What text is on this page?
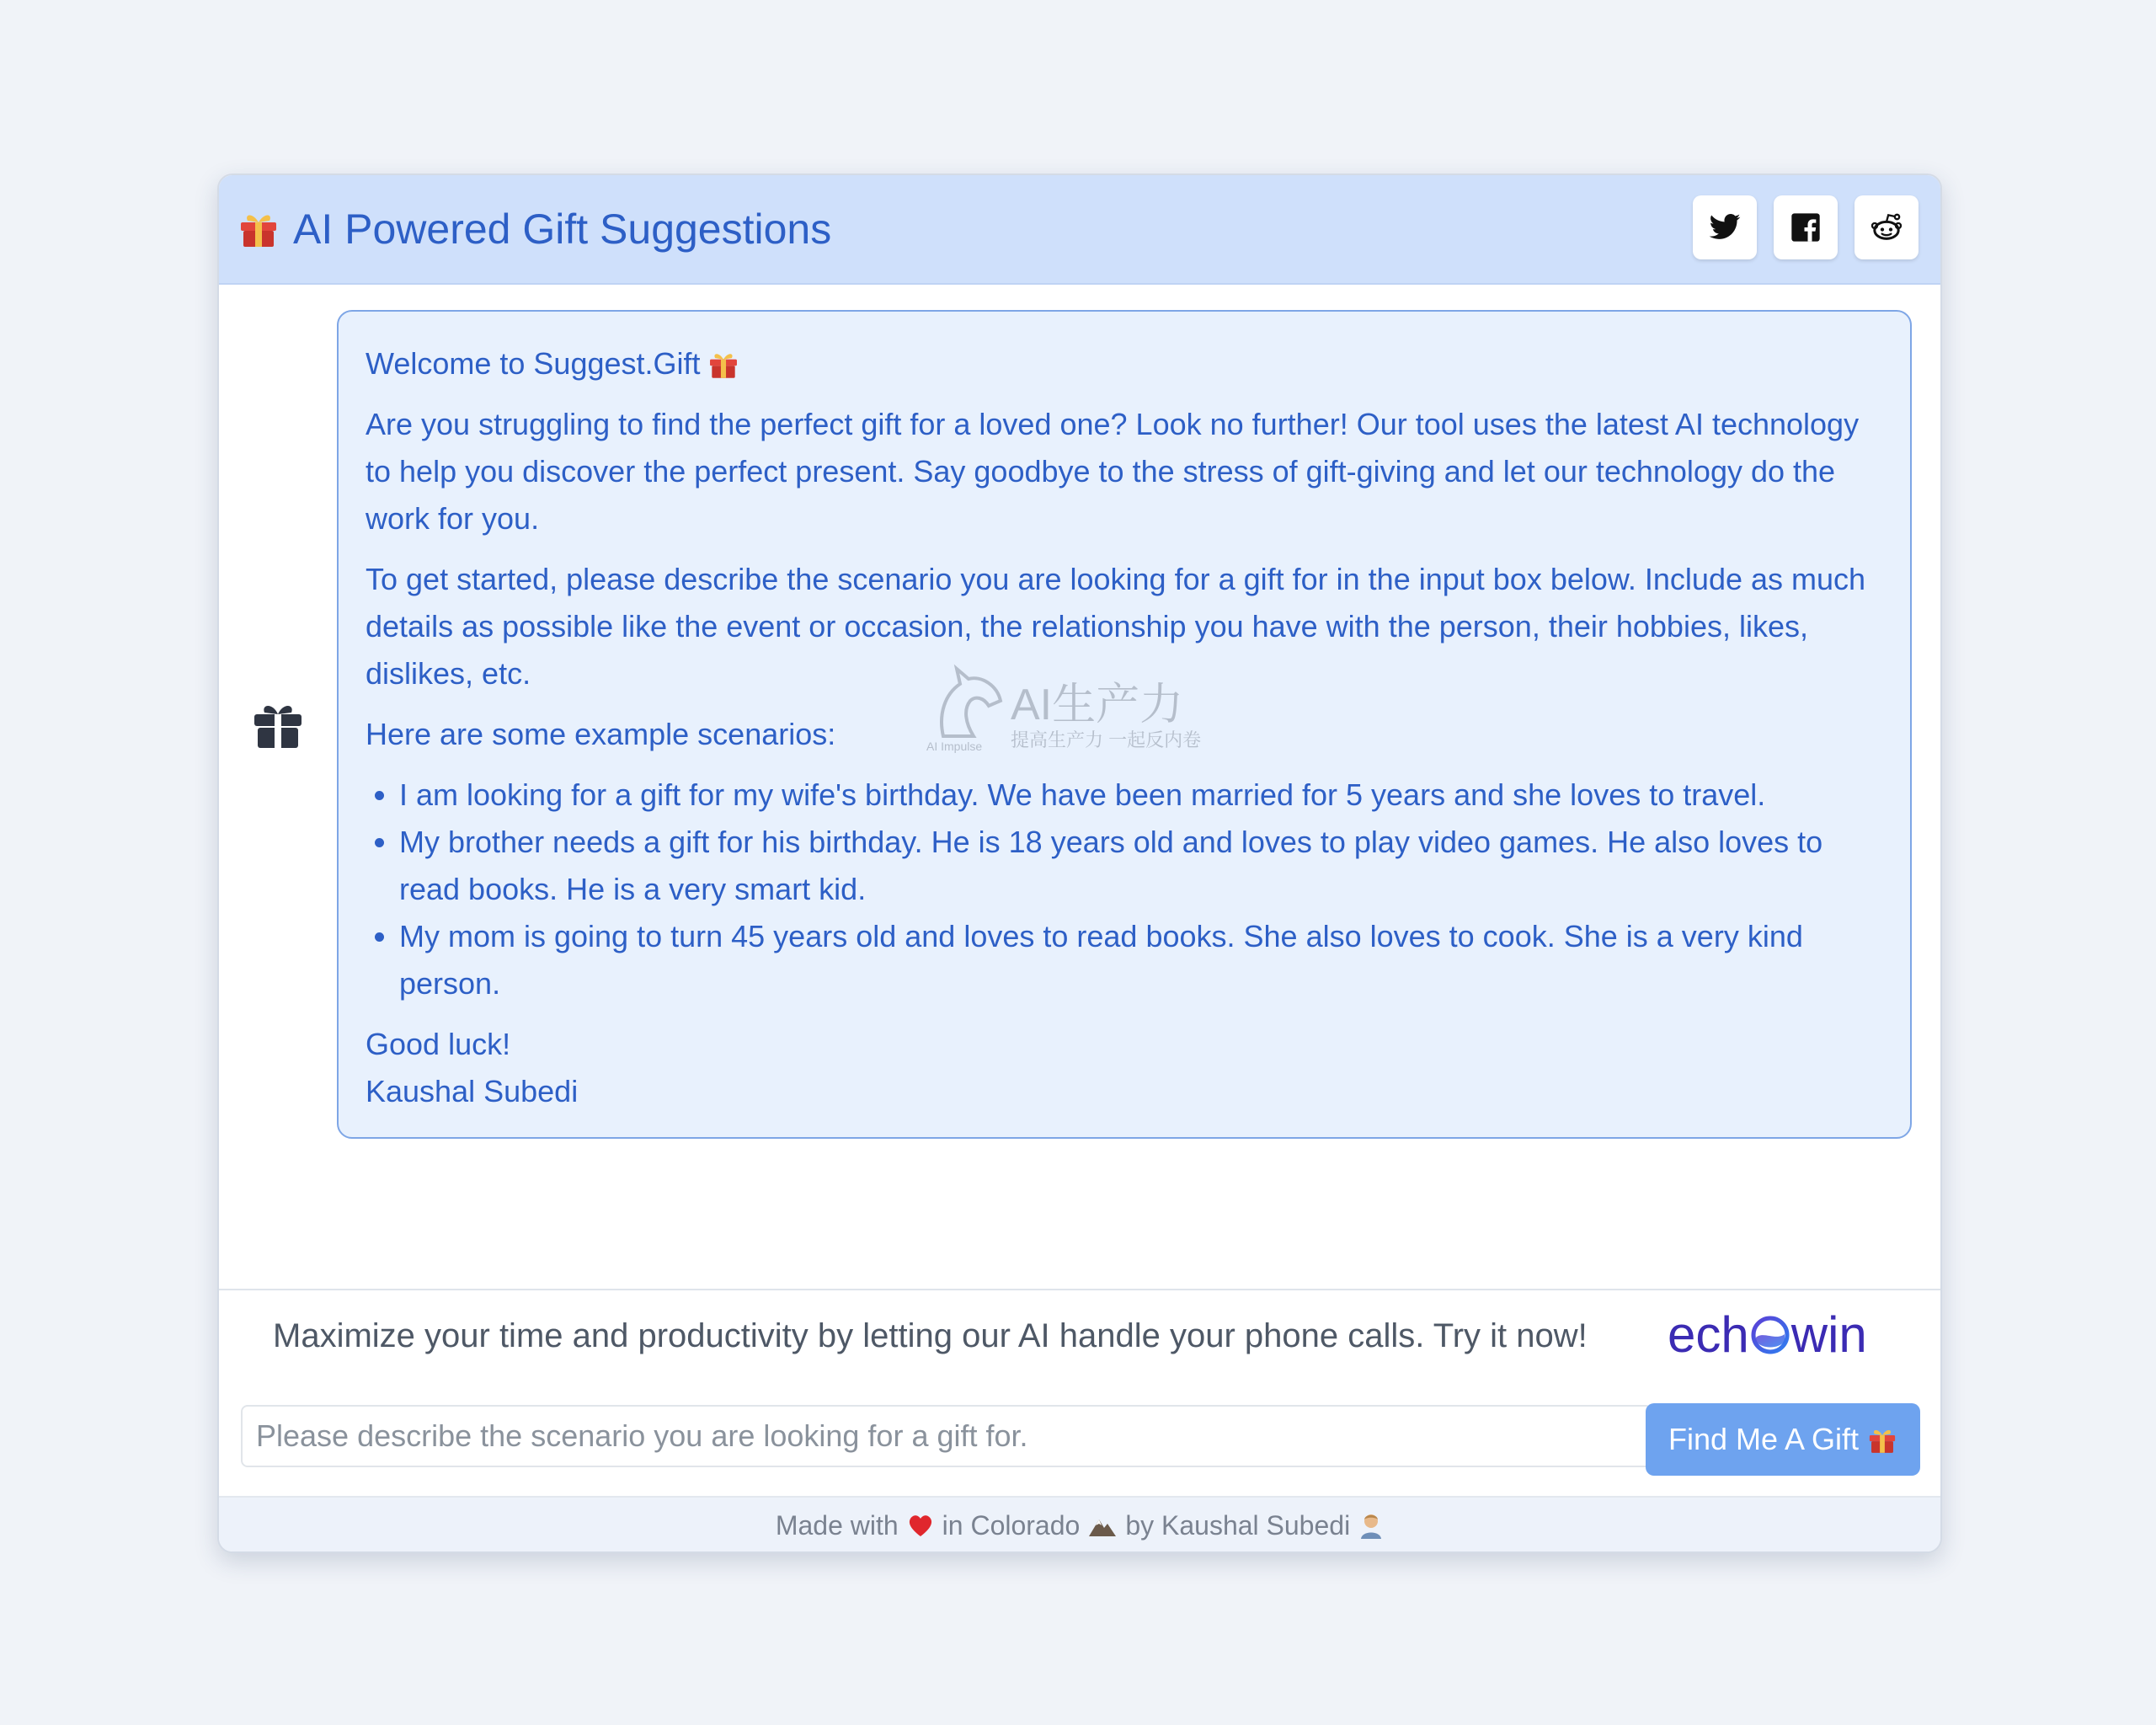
AI Powered Gift Suggestions

Welcome to Suggest.Gift

Are you struggling to find the perfect gift for a loved one? Look no further! Our tool uses the latest AI technology to help you discover the perfect present. Say goodbye to the stress of gift-giving and let our technology do the work for you.

To get started, please describe the scenario you are looking for a gift for in the input box below. Include as much details as possible like the event or occasion, the relationship you have with the person, their hobbies, likes, dislikes, etc.

Here are some example scenarios:

• I am looking for a gift for my wife's birthday. We have been married for 5 years and she loves to travel.
• My brother needs a gift for his birthday. He is 18 years old and loves to play video games. He also loves to read books. He is a very smart kid.
• My mom is going to turn 45 years old and loves to read books. She also loves to cook. She is a very kind person.
Good luck!
Kaushal Subedi
AI生产力
提高生产力 一起反内卷
AI Impulse
Maximize your time and productivity by letting our AI handle your phone calls. Try it now! ech win
Please describe the scenario you are looking for a gift for.
Find Me A Gift
Made with in Colorado by Kaushal Subedi
